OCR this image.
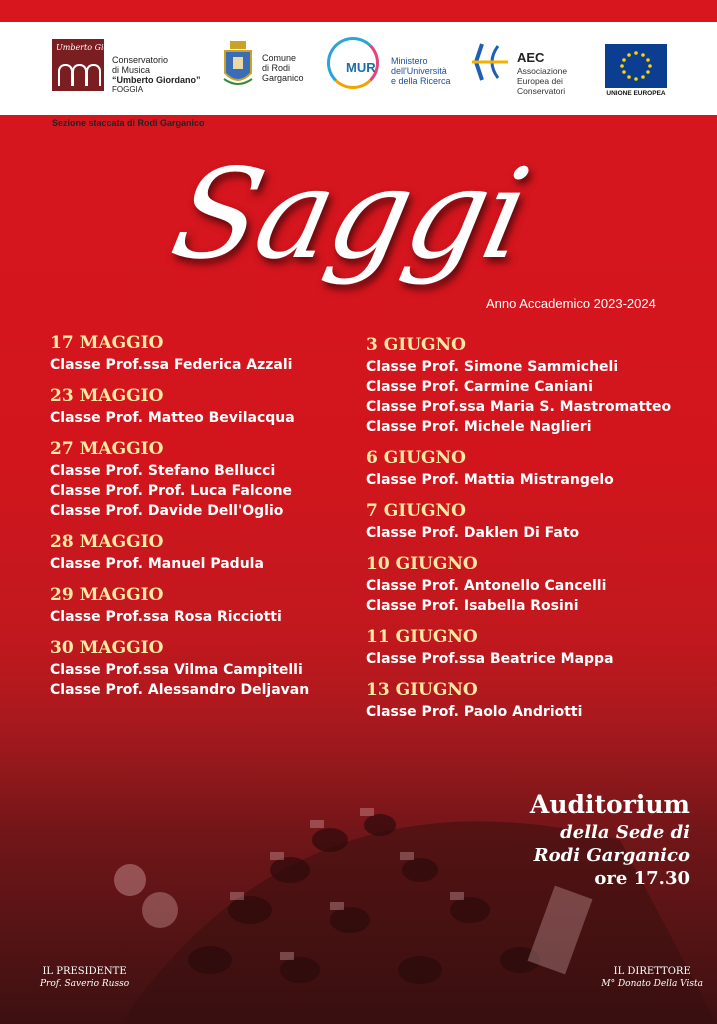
Umberto Giordano
Conservatorio
di Musica
“Umberto Giordano”
FOGGIA
Sezione staccata di Rodi Garganico
Comune
di Rodi
Garganico
MUR Ministero
dell'Università
e della Ricerca
AEC
Associazione
Europea dei
Conservatori	UNIONE EUROPEA
Saggi
Anno Accademico 2023-2024
17 MAGGIO
Classe Prof.ssa Federica Azzali
23 MAGGIO
Classe Prof. Matteo Bevilacqua
27 MAGGIO
Classe Prof. Stefano Bellucci
Classe Prof. Prof. Luca Falcone
Classe Prof. Davide Dell'Oglio
28 MAGGIO
Classe Prof. Manuel Padula
29 MAGGIO
Classe Prof.ssa Rosa Ricciotti
30 MAGGIO
Classe Prof.ssa Vilma Campitelli
Classe Prof. Alessandro Deljavan
3 GIUGNO
Classe Prof. Simone Sammicheli
Classe Prof. Carmine Caniani
Classe Prof.ssa Maria S. Mastromatteo
Classe Prof. Michele Naglieri
6 GIUGNO
Classe Prof. Mattia Mistrangelo
7 GIUGNO
Classe Prof. Daklen Di Fato
10 GIUGNO
Classe Prof. Antonello Cancelli
Classe Prof. Isabella Rosini
11 GIUGNO
Classe Prof.ssa Beatrice Mappa
13 GIUGNO
Classe Prof. Paolo Andriotti
Auditorium
della Sede di
Rodi Garganico
ore 17.30
IL PRESIDENTE
Prof. Saverio Russo
IL DIRETTORE
M° Donato Della Vista
